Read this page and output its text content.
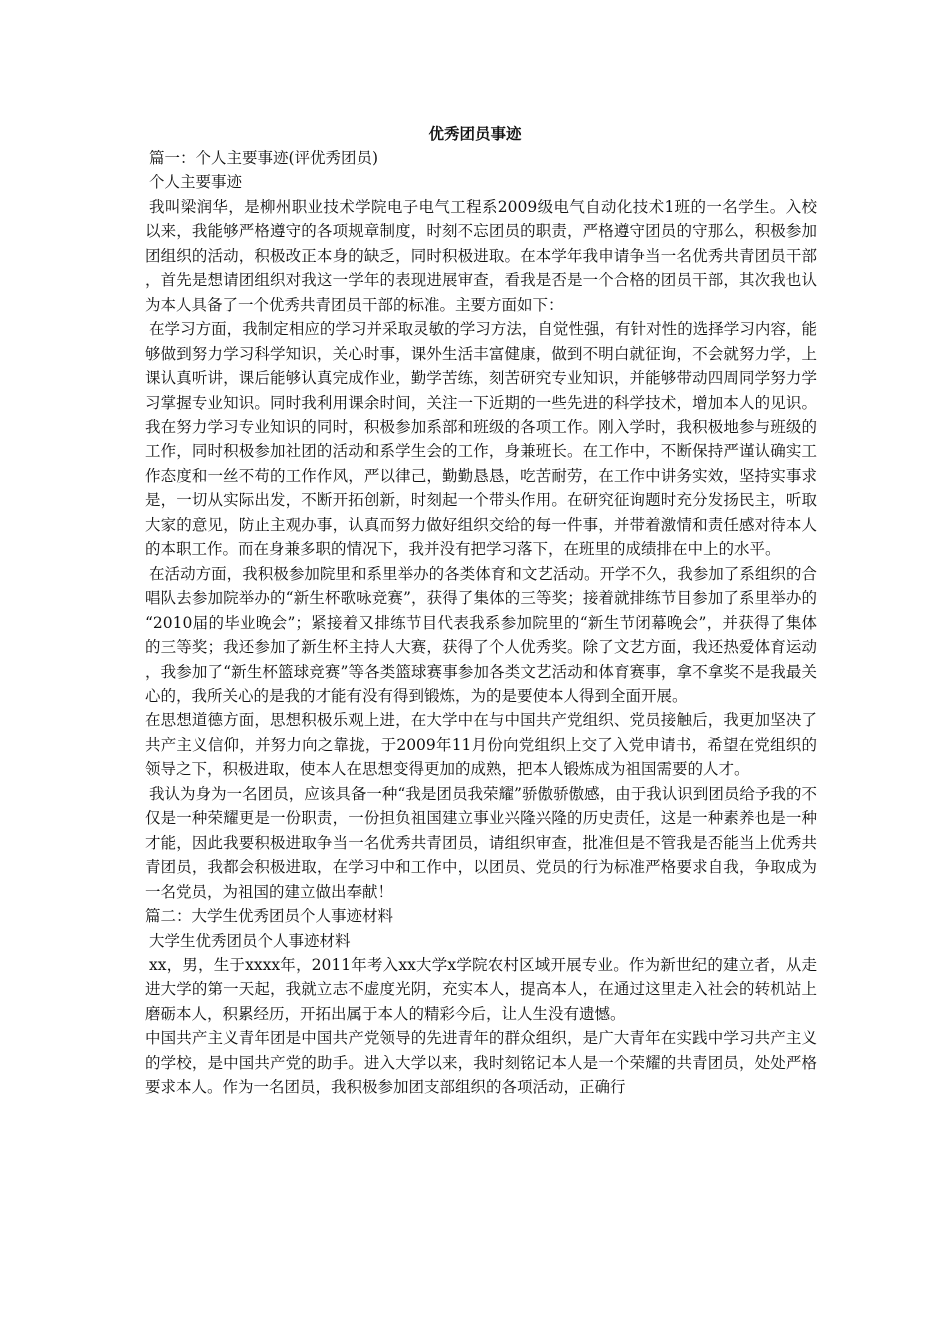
优秀团员事迹

篇一：个人主要事迹(评优秀团员)

个人主要事迹

我叫梁润华，是柳州职业技术学院电子电气工程系2009级电气自动化技术1班的一名学生。入校以来，我能够严格遵守的各项规章制度，时刻不忘团员的职责，严格遵守团员的守那么，积极参加团组织的活动，积极改正本身的缺乏，同时积极进取。在本学年我申请争当一名优秀共青团员干部，首先是想请团组织对我这一学年的表现进展审查，看我是否是一个合格的团员干部，其次我也认为本人具备了一个优秀共青团员干部的标准。主要方面如下：

在学习方面，我制定相应的学习并采取灵敏的学习方法，自觉性强，有针对性的选择学习内容，能够做到努力学习科学知识，关心时事，课外生活丰富健康，做到不明白就征询，不会就努力学，上课认真听讲，课后能够认真完成作业，勤学苦练，刻苦研究专业知识，并能够带动四周同学努力学习掌握专业知识。同时我利用课余时间，关注一下近期的一些先进的科学技术，增加本人的见识。 我在努力学习专业知识的同时，积极参加系部和班级的各项工作。刚入学时，我积极地参与班级的工作，同时积极参加社团的活动和系学生会的工作，身兼班长。在工作中，不断保持严谨认确实工作态度和一丝不苟的工作作风，严以律己，勤勤恳恳，吃苦耐劳，在工作中讲务实效，坚持实事求是，一切从实际出发，不断开拓创新，时刻起一个带头作用。在研究征询题时充分发扬民主，听取大家的意见，防止主观办事，认真而努力做好组织交给的每一件事，并带着激情和责任感对待本人的本职工作。而在身兼多职的情况下，我并没有把学习落下，在班里的成绩排在中上的水平。

在活动方面，我积极参加院里和系里举办的各类体育和文艺活动。开学不久，我参加了系组织的合唱队去参加院举办的“新生杯歌咏竞赛”，获得了集体的三等奖；接着就排练节目参加了系里举办的“2010届的毕业晚会”；紧接着又排练节目代表我系参加院里的“新生节闭幕晚会”，并获得了集体的三等奖；我还参加了新生杯主持人大赛，获得了个人优秀奖。除了文艺方面，我还热爱体育运动，我参加了“新生杯篮球竞赛”等各类篮球赛事参加各类文艺活动和体育赛事，拿不拿奖不是我最关心的，我所关心的是我的才能有没有得到锻炼，为的是要使本人得到全面开展。

在思想道德方面，思想积极乐观上进，在大学中在与中国共产党组织、党员接触后，我更加坚决了共产主义信仰，并努力向之靠拢，于2009年11月份向党组织上交了入党申请书，希望在党组织的领导之下，积极进取，使本人在思想变得更加的成熟，把本人锻炼成为祖国需要的人才。

我认为身为一名团员，应该具备一种“我是团员我荣耀”骄傲骄傲感，由于我认识到团员给予我的不仅是一种荣耀更是一份职责，一份担负祖国建立事业兴隆兴隆的历史责任，这是一种素养也是一种才能，因此我要积极进取争当一名优秀共青团员，请组织审查，批准但是不管我是否能当上优秀共青团员，我都会积极进取，在学习中和工作中，以团员、党员的行为标准严格要求自我，争取成为一名党员，为祖国的建立做出奉献！

篇二：大学生优秀团员个人事迹材料

大学生优秀团员个人事迹材料

xx，男，生于xxxx年，2011年考入xx大学x学院农村区域开展专业。作为新世纪的建立者，从走进大学的第一天起，我就立志不虚度光阴，充实本人，提高本人，在通过这里走入社会的转机站上磨砺本人，积累经历，开拓出属于本人的精彩今后，让人生没有遗憾。

中国共产主义青年团是中国共产党领导的先进青年的群众组织，是广大青年在实践中学习共产主义的学校，是中国共产党的助手。进入大学以来，我时刻铭记本人是一个荣耀的共青团员，处处严格要求本人。作为一名团员，我积极参加团支部组织的各项活动，正确行
